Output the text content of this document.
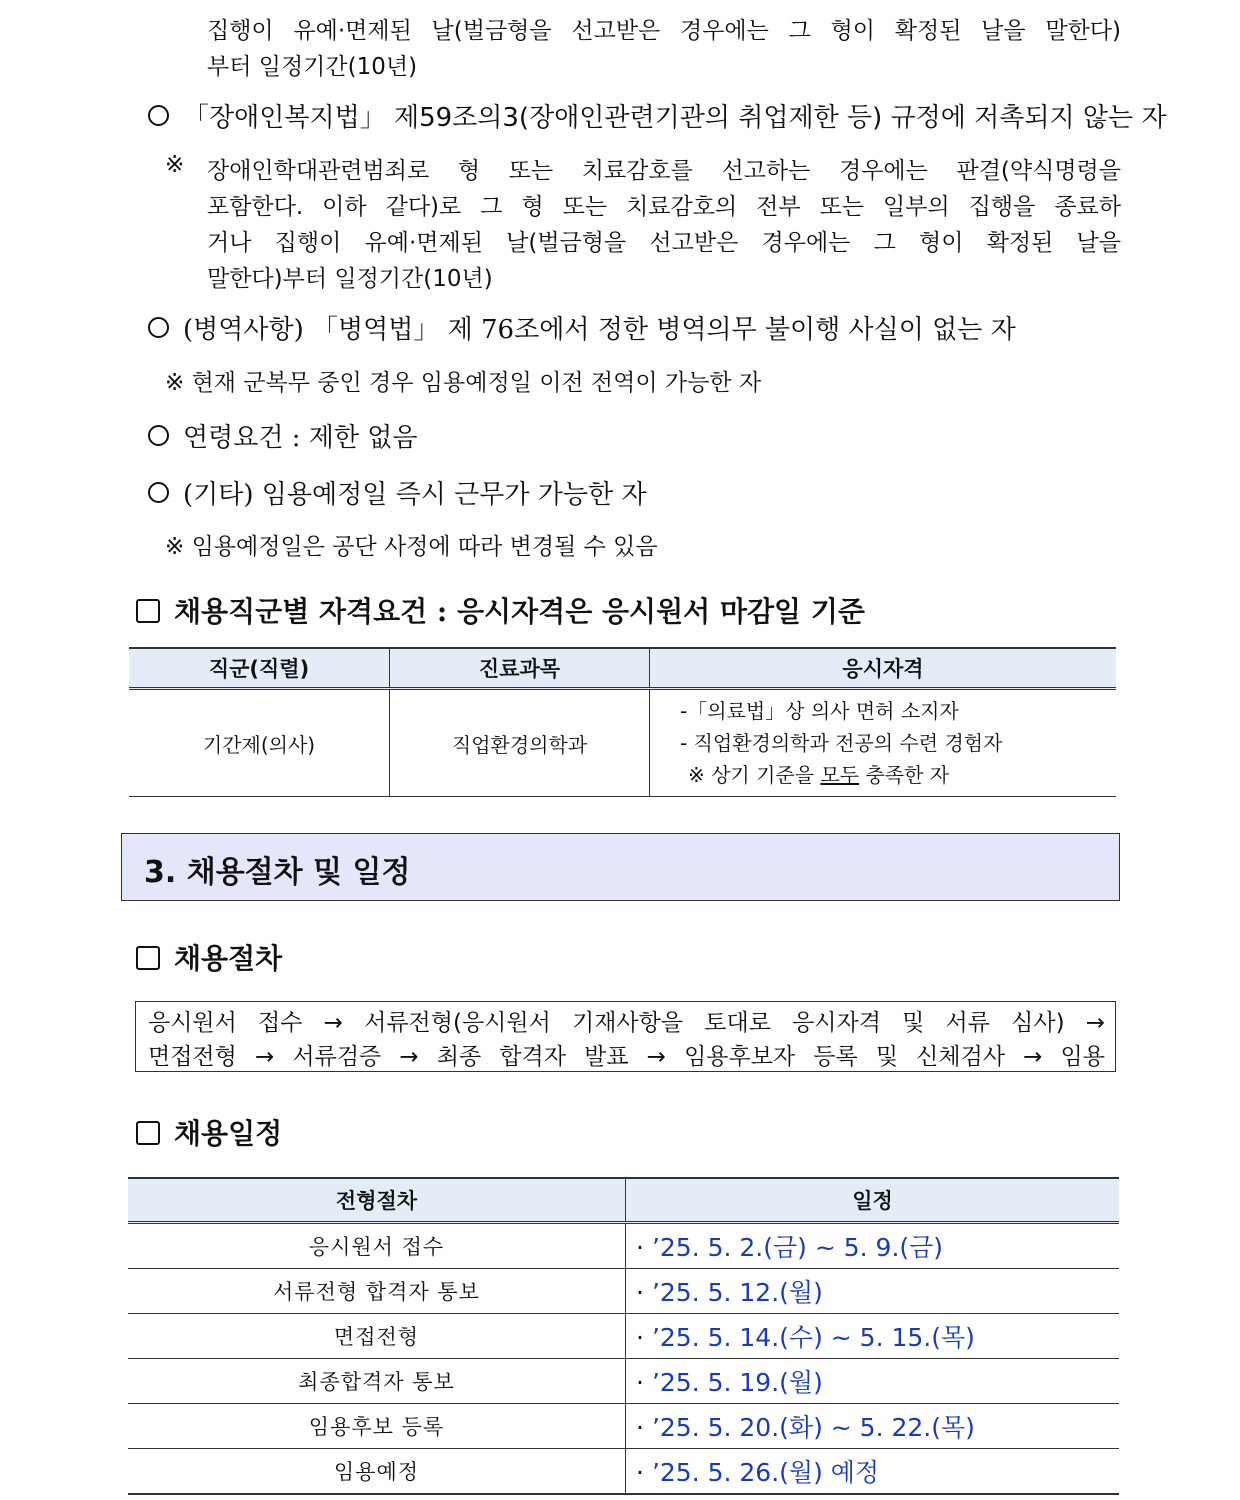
집행이 유예·면제된 날(벌금형을 선고받은 경우에는 그 형이 확정된 날을 말한다)
부터 일정기간(10년)
「장애인복지법」 제59조의3(장애인관련기관의 취업제한 등) 규정에 저촉되지 않는 자
※ 장애인학대관련범죄로 형 또는 치료감호를 선고하는 경우에는 판결(약식명령을
포함한다. 이하 같다)로 그 형 또는 치료감호의 전부 또는 일부의 집행을 종료하
거나 집행이 유예·면제된 날(벌금형을 선고받은 경우에는 그 형이 확정된 날을
말한다)부터 일정기간(10년)
(병역사항) 「병역법」 제 76조에서 정한 병역의무 불이행 사실이 없는 자
※ 현재 군복무 중인 경우 임용예정일 이전 전역이 가능한 자
연령요건 : 제한 없음
(기타) 임용예정일 즉시 근무가 가능한 자
※ 임용예정일은 공단 사정에 따라 변경될 수 있음
채용직군별 자격요건 : 응시자격은 응시원서 마감일 기준
직군(직렬)	진료과목	응시자격
기간제(의사)	직업환경의학과	-「의료법」상 의사 면허 소지자
- 직업환경의학과 전공의 수련 경험자
※ 상기 기준을 모두 충족한 자
3. 채용절차 및 일정
채용절차
응시원서 접수 → 서류전형(응시원서 기재사항을 토대로 응시자격 및 서류 심사) →
면접전형 → 서류검증 → 최종 합격자 발표 → 임용후보자 등록 및 신체검사 → 임용
채용일정
전형절차	일정
응시원서 접수	· ’25. 5. 2.(금) ~ 5. 9.(금)
서류전형 합격자 통보	· ’25. 5. 12.(월)
면접전형	· ’25. 5. 14.(수) ~ 5. 15.(목)
최종합격자 통보	· ’25. 5. 19.(월)
임용후보 등록	· ’25. 5. 20.(화) ~ 5. 22.(목)
임용예정	· ’25. 5. 26.(월) 예정
